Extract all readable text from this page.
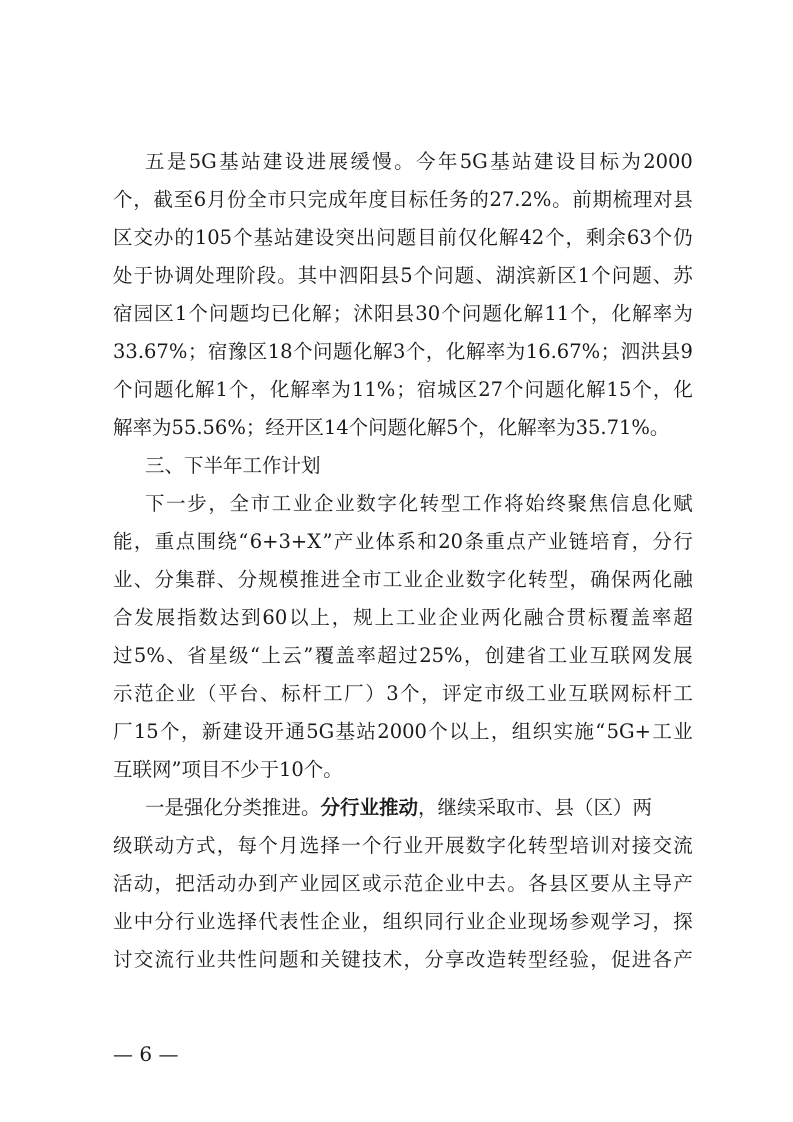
五 是 5G 基 站 建 设 进 展 缓 慢 。 今 年 5G 基 站 建 设 目 标 为 2000
个 ， 截 至 6 月 份 全 市 只 完 成 年 度 目 标 任 务 的 27.2% 。 前 期 梳 理 对 县
区 交 办 的 105 个 基 站 建 设 突 出 问 题 目 前 仅 化 解 42 个 ， 剩 余 63 个 仍
处 于 协 调 处 理 阶 段 。 其 中 泗 阳 县 5 个 问 题 、 湖 滨 新 区 1 个 问 题 、 苏
宿 园 区 1 个 问 题 均 已 化 解 ； 沭 阳 县 30 个 问 题 化 解 11 个 ， 化 解 率 为
33.67% ； 宿 豫 区 18 个 问 题 化 解 3 个 ， 化 解 率 为 16.67% ； 泗 洪 县 9
个 问 题 化 解 1 个 ， 化 解 率 为 11% ； 宿 城 区 27 个 问 题 化 解 15 个 ， 化
解率为55.56%；经开区14个问题化解5个，化解率为35.71%。
三、下半年工作计划
下 一 步 ， 全 市 工 业 企 业 数 字 化 转 型 工 作 将 始 终 聚 焦 信 息 化 赋
能 ， 重 点 围 绕 “ 6+3+X ” 产 业 体 系 和 20 条 重 点 产 业 链 培 育 ， 分 行
业 、 分 集 群 、 分 规 模 推 进 全 市 工 业 企 业 数 字 化 转 型 ， 确 保 两 化 融
合 发 展 指 数 达 到 60 以 上 ， 规 上 工 业 企 业 两 化 融 合 贯 标 覆 盖 率 超
过 5% 、 省 星 级 “ 上 云 ” 覆 盖 率 超 过 25% ， 创 建 省 工 业 互 联 网 发 展
示 范 企 业 （ 平 台 、 标 杆 工 厂 ） 3 个 ， 评 定 市 级 工 业 互 联 网 标 杆 工
厂 15 个 ， 新 建 设 开 通 5G 基 站 2000 个 以 上 ， 组 织 实 施 “ 5G+ 工 业
互联网”项目不少于10个。
一是强化分类推进。 分行业推动 ，继续采取市、县（区）两
级 联 动 方 式 ， 每 个 月 选 择 一 个 行 业 开 展 数 字 化 转 型 培 训 对 接 交 流
活 动 ， 把 活 动 办 到 产 业 园 区 或 示 范 企 业 中 去 。 各 县 区 要 从 主 导 产
业 中 分 行 业 选 择 代 表 性 企 业 ， 组 织 同 行 业 企 业 现 场 参 观 学 习 ， 探
讨 交 流 行 业 共 性 问 题 和 关 键 技 术 ， 分 享 改 造 转 型 经 验 ， 促 进 各 产
— 6 —
